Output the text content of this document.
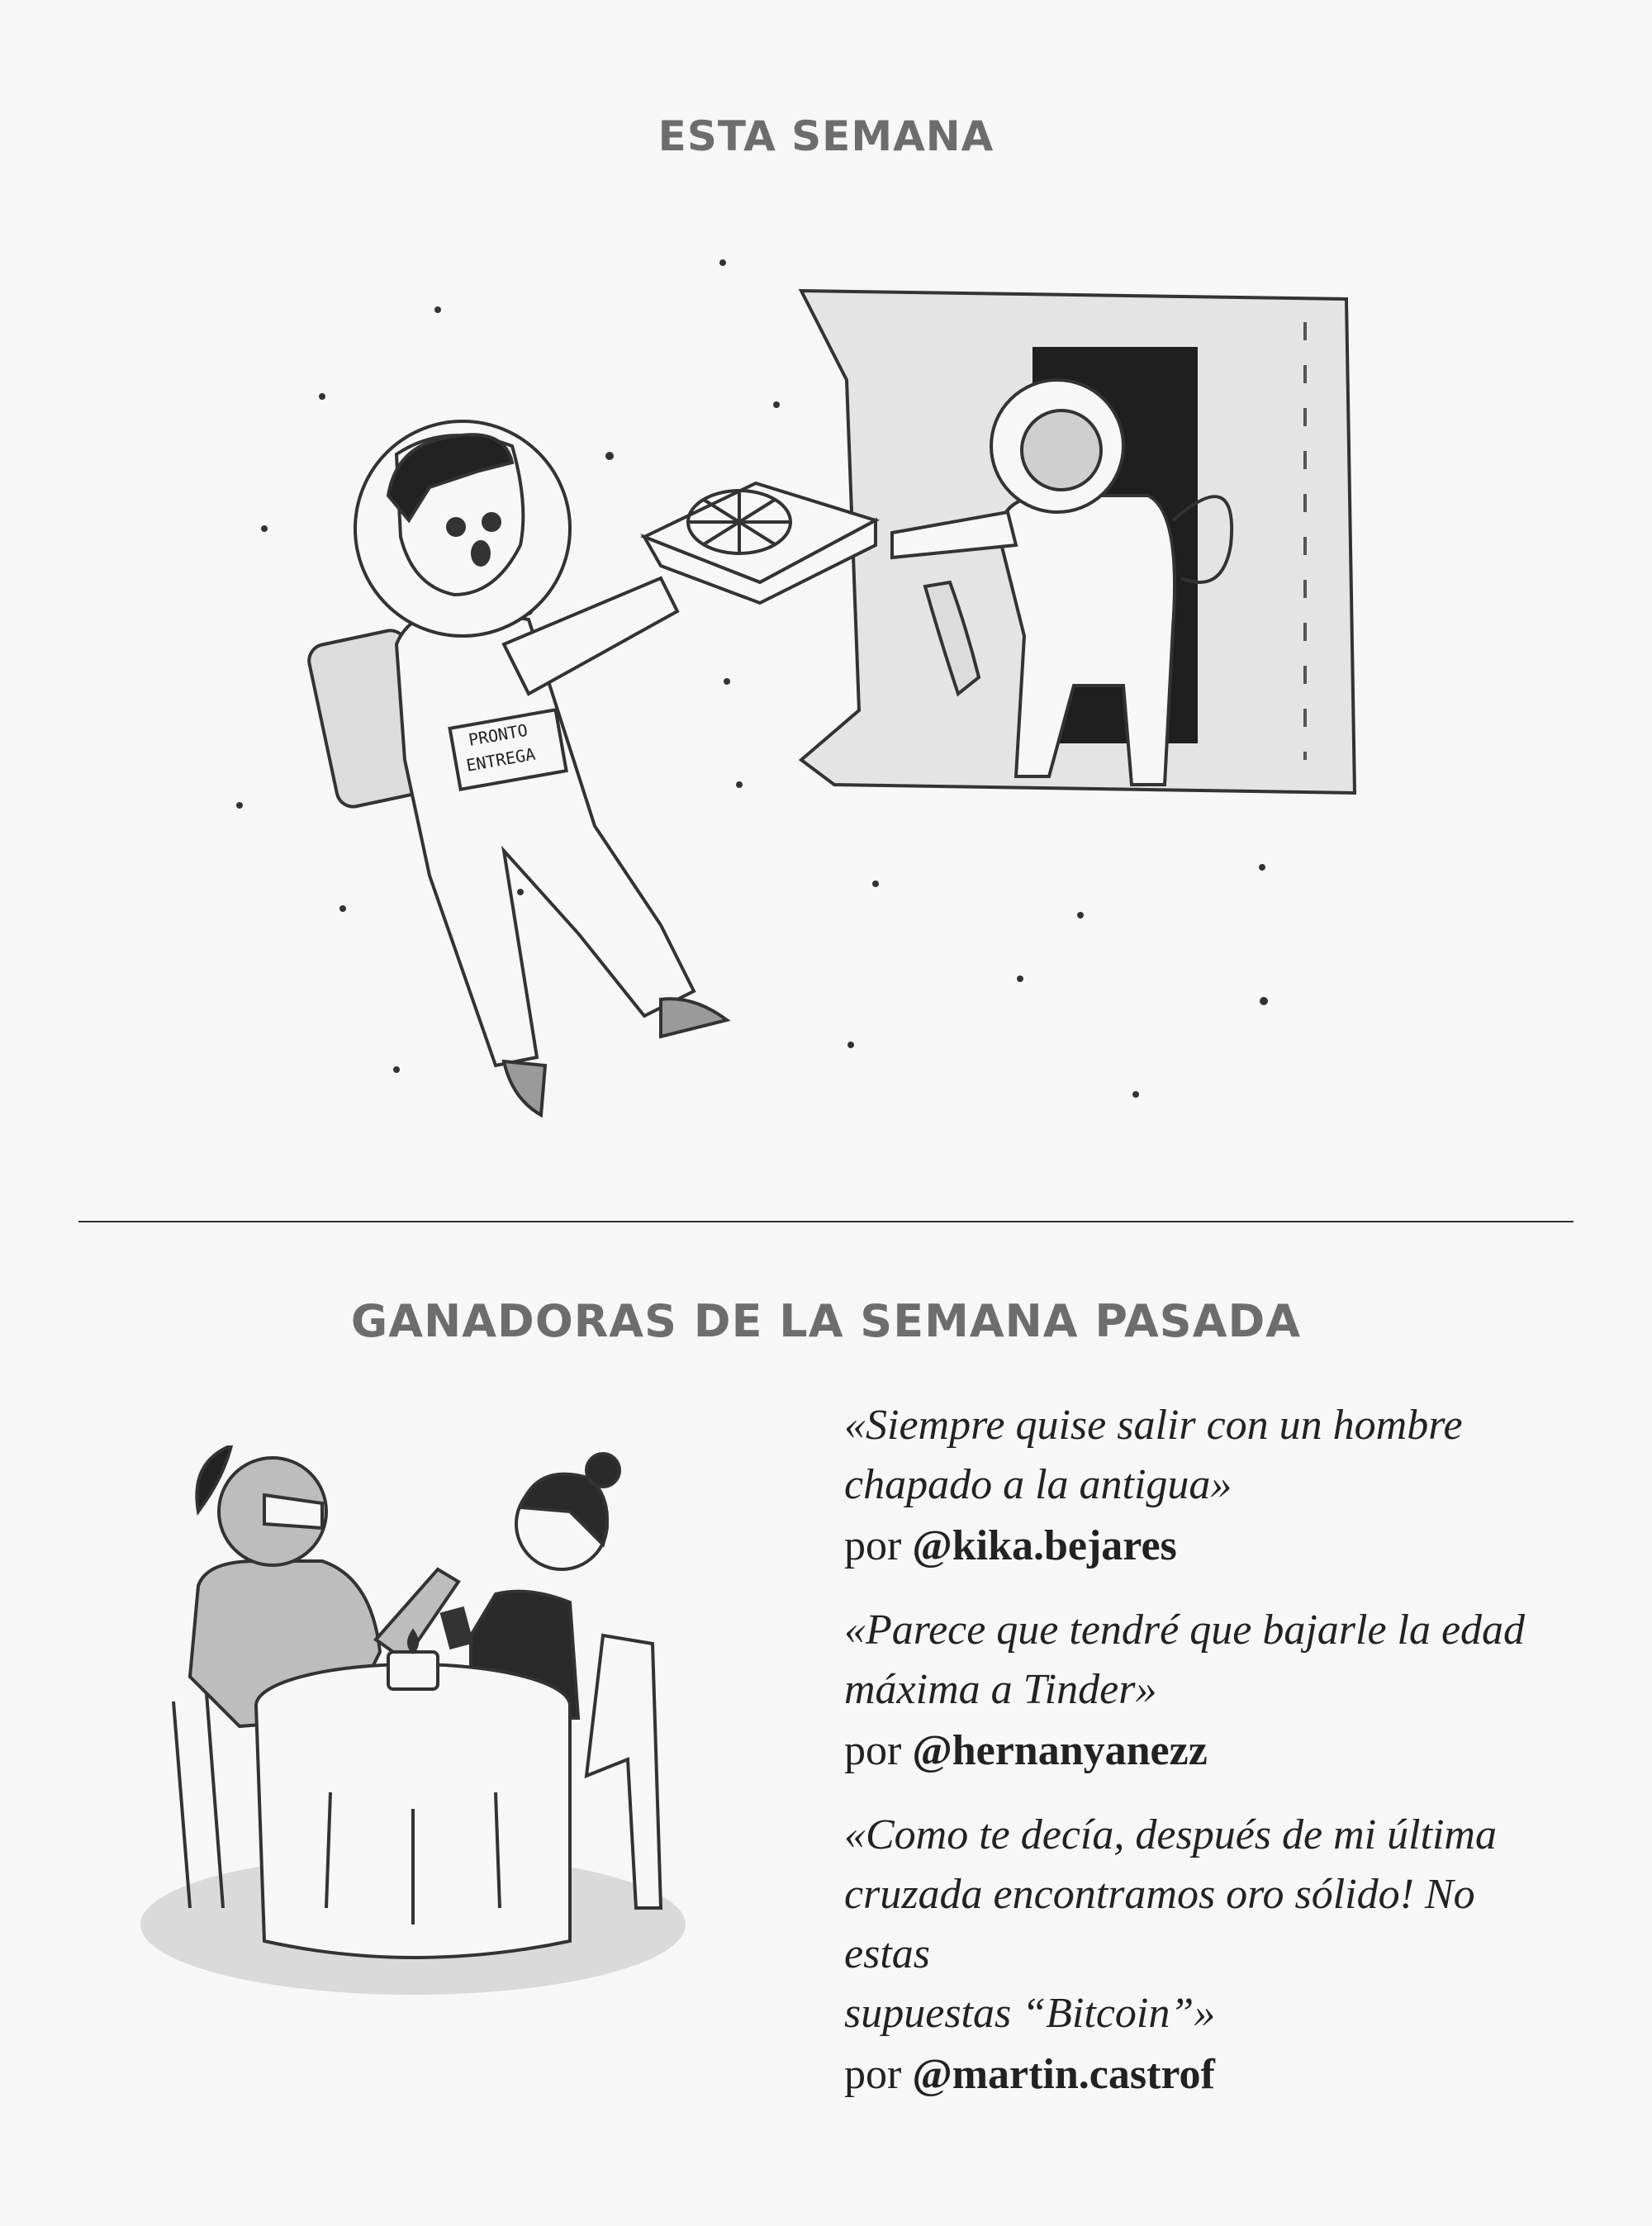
ESTA SEMANA
PRONTO
ENTREGA
GANADORAS DE LA SEMANA PASADA

«Siempre quise salir con un hombre
chapado a la antigua»

por @kika.bejares

«Parece que tendré que bajarle la edad
máxima a Tinder»

por @hernanyanezz

«Como te decía, después de mi última
cruzada encontramos oro sólido! No estas
supuestas “Bitcoin”»

por @martin.castrof
